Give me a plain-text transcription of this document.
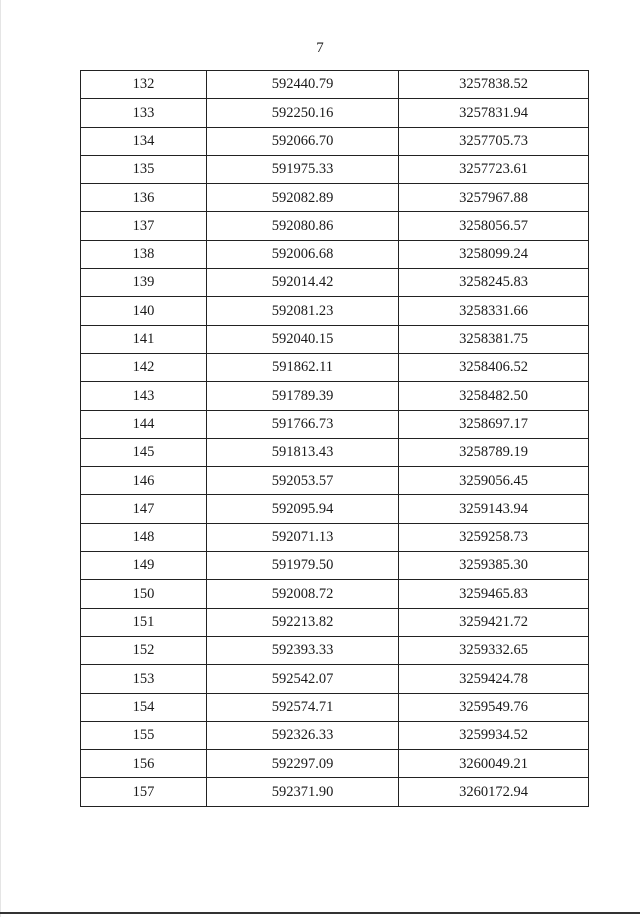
7
132	592440.79	3257838.52
133	592250.16	3257831.94
134	592066.70	3257705.73
135	591975.33	3257723.61
136	592082.89	3257967.88
137	592080.86	3258056.57
138	592006.68	3258099.24
139	592014.42	3258245.83
140	592081.23	3258331.66
141	592040.15	3258381.75
142	591862.11	3258406.52
143	591789.39	3258482.50
144	591766.73	3258697.17
145	591813.43	3258789.19
146	592053.57	3259056.45
147	592095.94	3259143.94
148	592071.13	3259258.73
149	591979.50	3259385.30
150	592008.72	3259465.83
151	592213.82	3259421.72
152	592393.33	3259332.65
153	592542.07	3259424.78
154	592574.71	3259549.76
155	592326.33	3259934.52
156	592297.09	3260049.21
157	592371.90	3260172.94
